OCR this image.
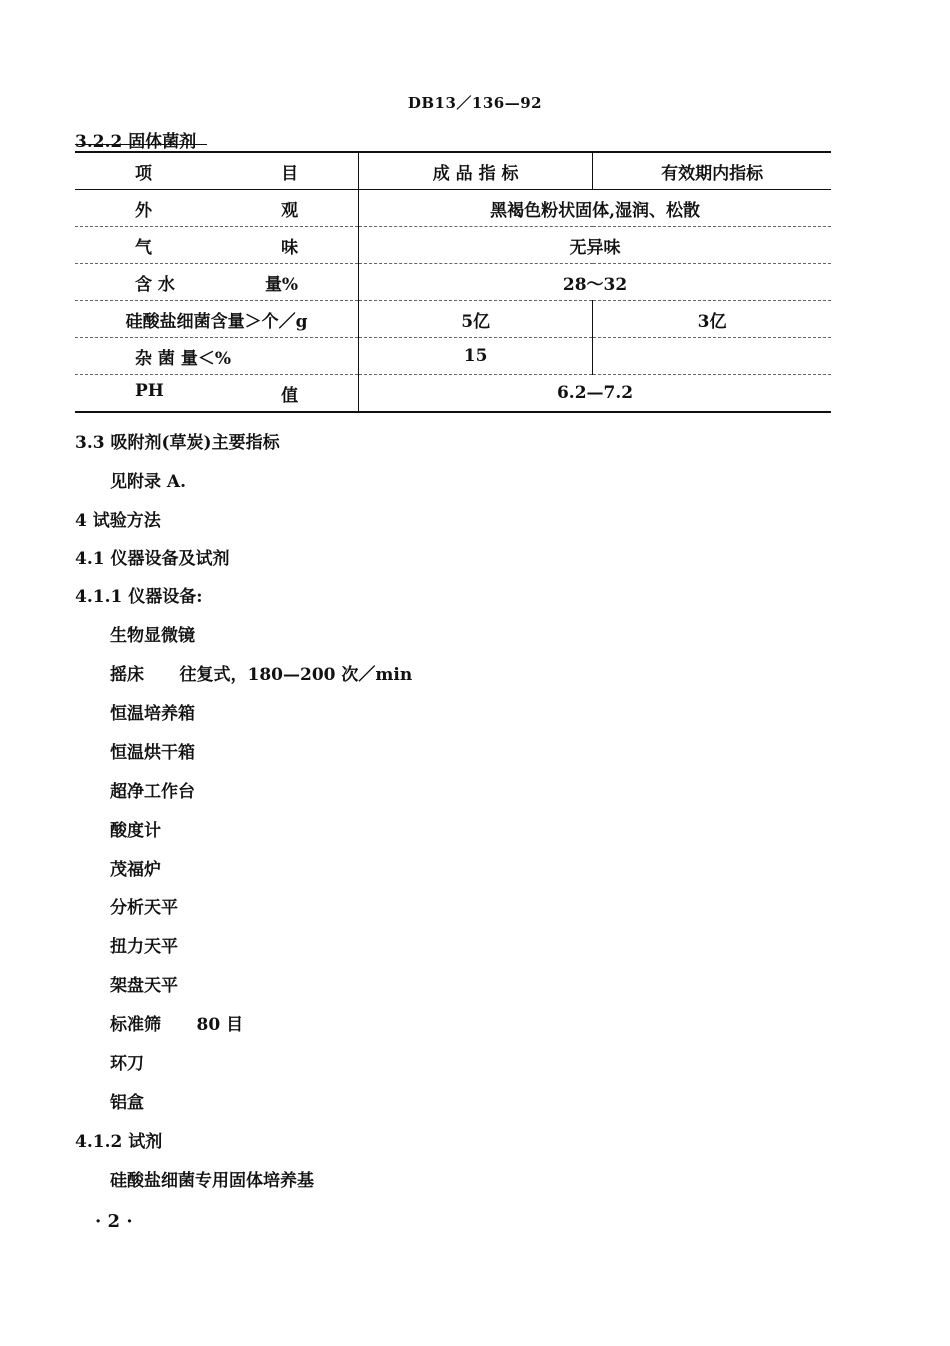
DB13／136—92
3.2.2 固体菌剂
项 目	成 品 指 标	有效期内指标

外 观	黑褐色粉状固体,湿润、松散	

气 味	无异味	

含 水 量%	28～32	
硅酸盐细菌含量＞个／g	5亿	3亿
杂 菌 量＜%	15	

PH 值	6.2—7.2	
3.3 吸附剂(草炭)主要指标
见附录 A.
4 试验方法
4.1 仪器设备及试剂
4.1.1 仪器设备:
生物显微镜
摇床      往复式，180—200 次／min
恒温培养箱
恒温烘干箱
超净工作台
酸度计
茂福炉
分析天平
扭力天平
架盘天平
标准筛      80 目
环刀
铝盒
4.1.2 试剂
硅酸盐细菌专用固体培养基
· 2 ·
